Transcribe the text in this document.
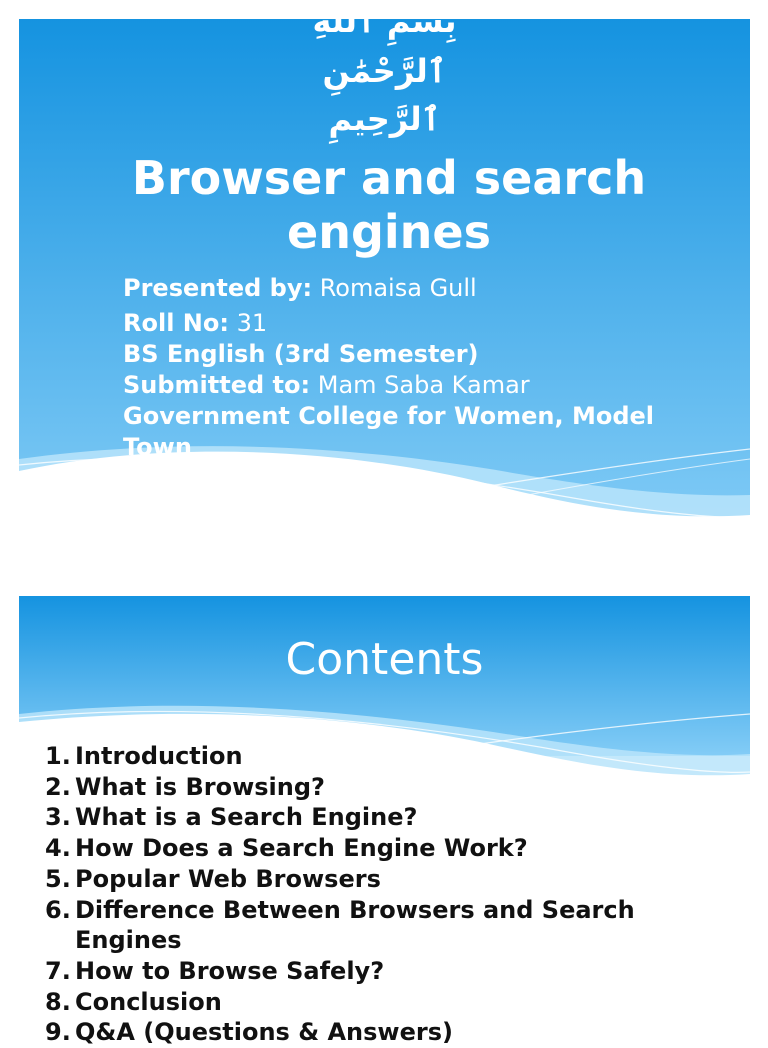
بِسْمِ ٱللَّهِ

ٱلرَّحْمَٰنِ

ٱلرَّحِيمِ

Browser and search
engines

Presented by: Romaisa Gull

Roll No: 31

BS English (3rd Semester)

Submitted to: Mam Saba Kamar

Government College for Women, Model Town

Contents
1. Introduction
2. What is Browsing?
3. What is a Search Engine?
4. How Does a Search Engine Work?
5. Popular Web Browsers
6. Difference Between Browsers and Search Engines
7. How to Browse Safely?
8. Conclusion
9. Q&A (Questions & Answers)
